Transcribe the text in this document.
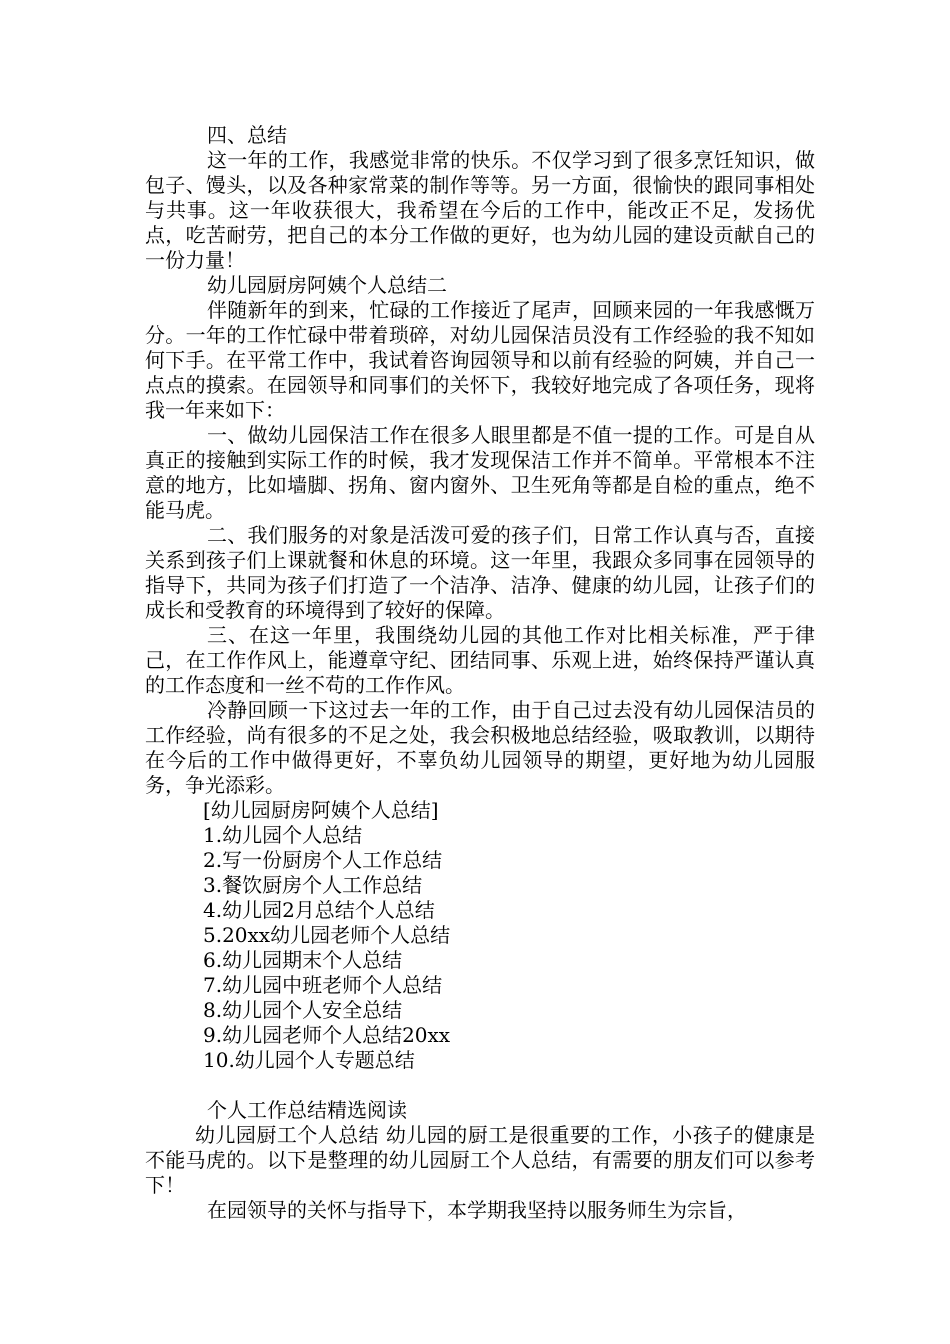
四、总结

这一年的工作，我感觉非常的快乐。不仅学习到了很多烹饪知识，做包子、馒头，以及各种家常菜的制作等等。另一方面，很愉快的跟同事相处与共事。这一年收获很大，我希望在今后的工作中，能改正不足，发扬优点，吃苦耐劳，把自己的本分工作做的更好，也为幼儿园的建设贡献自己的一份力量！

幼儿园厨房阿姨个人总结二

伴随新年的到来，忙碌的工作接近了尾声，回顾来园的一年我感慨万分。一年的工作忙碌中带着琐碎，对幼儿园保洁员没有工作经验的我不知如何下手。在平常工作中，我试着咨询园领导和以前有经验的阿姨，并自己一点点的摸索。在园领导和同事们的关怀下，我较好地完成了各项任务，现将我一年来如下：

一、做幼儿园保洁工作在很多人眼里都是不值一提的工作。可是自从真正的接触到实际工作的时候，我才发现保洁工作并不简单。平常根本不注意的地方，比如墙脚、拐角、窗内窗外、卫生死角等都是自检的重点，绝不能马虎。

二、我们服务的对象是活泼可爱的孩子们，日常工作认真与否，直接关系到孩子们上课就餐和休息的环境。这一年里，我跟众多同事在园领导的指导下，共同为孩子们打造了一个洁净、洁净、健康的幼儿园，让孩子们的成长和受教育的环境得到了较好的保障。

三、在这一年里，我围绕幼儿园的其他工作对比相关标准，严于律己，在工作作风上，能遵章守纪、团结同事、乐观上进，始终保持严谨认真的工作态度和一丝不苟的工作作风。

冷静回顾一下这过去一年的工作，由于自己过去没有幼儿园保洁员的工作经验，尚有很多的不足之处，我会积极地总结经验，吸取教训，以期待在今后的工作中做得更好，不辜负幼儿园领导的期望，更好地为幼儿园服务，争光添彩。

[幼儿园厨房阿姨个人总结]
1.幼儿园个人总结
2.写一份厨房个人工作总结
3.餐饮厨房个人工作总结
4.幼儿园2月总结个人总结
5.20xx幼儿园老师个人总结
6.幼儿园期末个人总结
7.幼儿园中班老师个人总结
8.幼儿园个人安全总结
9.幼儿园老师个人总结20xx
10.幼儿园个人专题总结

个人工作总结精选阅读

幼儿园厨工个人总结 幼儿园的厨工是很重要的工作，小孩子的健康是不能马虎的。以下是整理的幼儿园厨工个人总结，有需要的朋友们可以参考下！

在园领导的关怀与指导下，本学期我坚持以服务师生为宗旨，
